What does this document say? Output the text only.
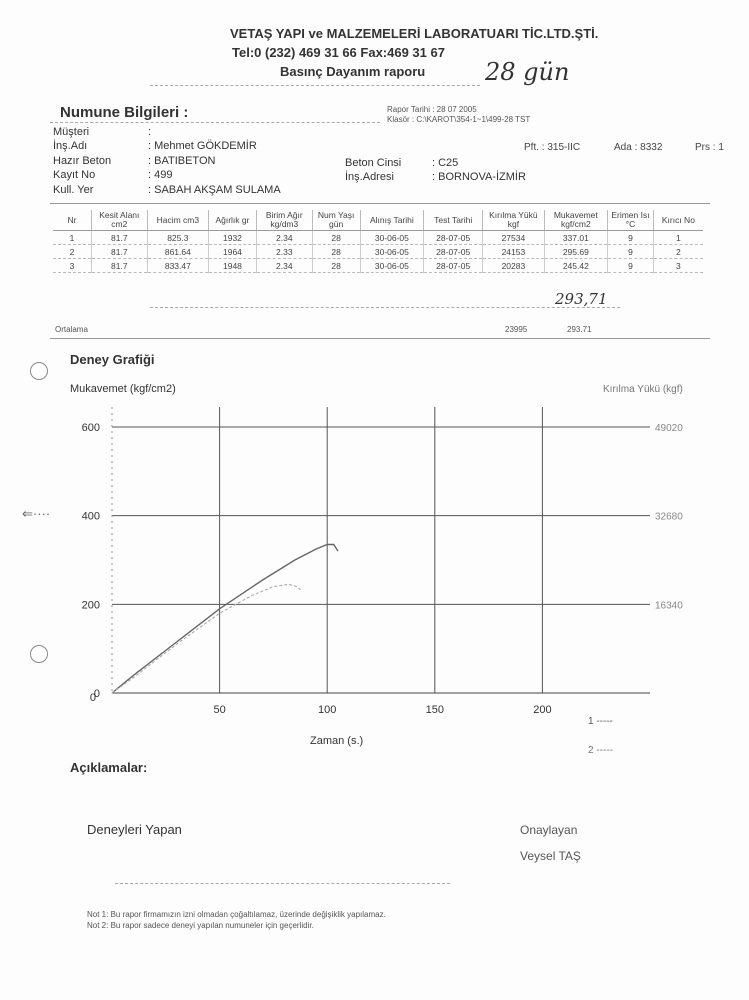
VETAŞ YAPI ve MALZEMELERİ LABORATUARI TİC.LTD.ŞTİ.
Tel:0 (232) 469 31 66 Fax:469 31 67
Basınç Dayanım raporu 28 gün
Numune Bilgileri :	Rapor Tarihi : 28 07 2005
Klasör : C:\KAROT\354-1~1\499-28 TST
Müşteri	:
İnş.Adı	: Mehmet GÖKDEMİR
Hazır Beton	: BATIBETON
Kayıt No	: 499
Kull. Yer	: SABAH AKŞAM SULAMA
Beton Cinsi	: C25
İnş.Adresi	: BORNOVA-İZMİR
Pft. : 315-IIC	Ada : 8332	Prs : 1
Nr	Kesit Alanı cm2	Hacim cm3	Ağırlık gr	Birim Ağır kg/dm3	Num Yaşı gün	Alınış Tarihi	Test Tarihi	Kırılma Yükü kgf	Mukavemet kgf/cm2	Erimen Isı °C	Kırıcı No
1	81.7	825.3	1932	2.34	28	30-06-05	28-07-05	27534	337.01	9	1
2	81.7	861.64	1964	2.33	28	30-06-05	28-07-05	24153	295.69	9	2
3	81.7	833.47	1948	2.34	28	30-06-05	28-07-05	20283	245.42	9	3
293,71
Ortalama	23995	293.71
Deney Grafiği
Mukavemet (kgf/cm2)	Kırılma Yükü (kgf)
0
200
400
600
50	100	150	200
0
16340
32680
49020
Zaman (s.)
1 -----
2 -----
⇐····
Açıklamalar:
Deneyleri Yapan	Onaylayan
Veysel TAŞ
Not 1: Bu rapor firmamızın izni olmadan çoğaltılamaz, üzerinde değişiklik yapılamaz.
Not 2: Bu rapor sadece deneyi yapılan numuneler için geçerlidir.
